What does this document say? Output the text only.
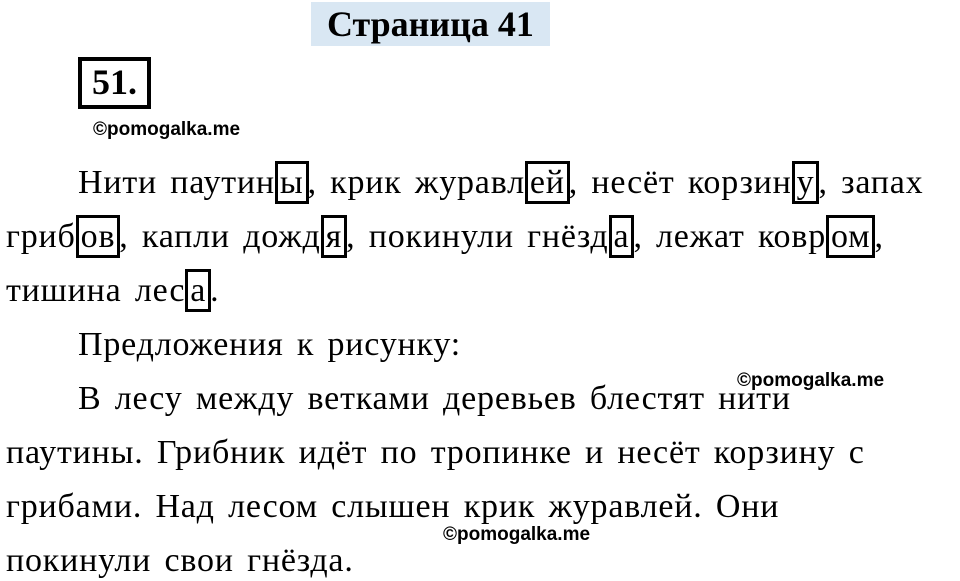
Страница 41
51.
©pomogalka.me
Нити паутин ы , крик журавл ей , несёт корзин у , запах
гриб ов , капли дожд я , покинули гнёзд а , лежат ковр ом ,
тишина лес а .
Предложения к рисунку:
В лесу между ветками деревьев блестят нити
паутины. Грибник идёт по тропинке и несёт корзину с
грибами. Над лесом слышен крик журавлей. Они
покинули свои гнёзда.
©pomogalka.me
©pomogalka.me
